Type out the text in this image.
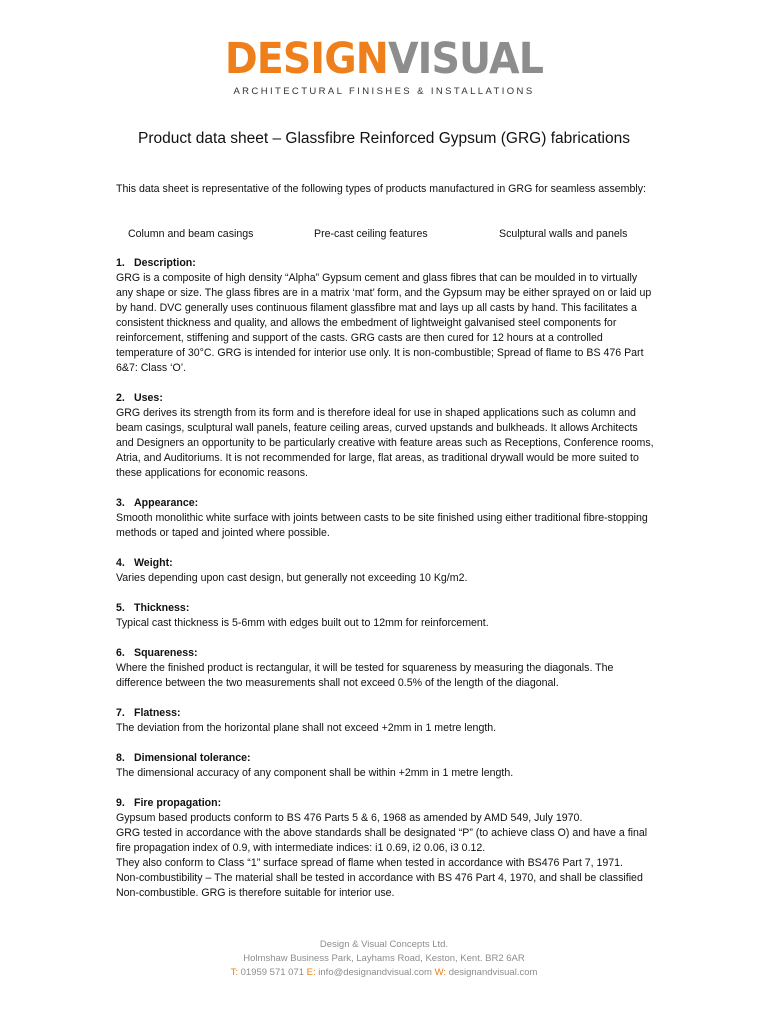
DESIGNVISUAL
ARCHITECTURAL FINISHES & INSTALLATIONS
Product data sheet – Glassfibre Reinforced Gypsum (GRG) fabrications
This data sheet is representative of the following types of products manufactured in GRG for seamless assembly:
Column and beam casings	Pre-cast ceiling features	Sculptural walls and panels
1. Description:
GRG is a composite of high density “Alpha” Gypsum cement and glass fibres that can be moulded in to virtually any shape or size. The glass fibres are in a matrix ‘mat’ form, and the Gypsum may be either sprayed on or laid up by hand. DVC generally uses continuous filament glassfibre mat and lays up all casts by hand. This facilitates a consistent thickness and quality, and allows the embedment of lightweight galvanised steel components for reinforcement, stiffening and support of the casts. GRG casts are then cured for 12 hours at a controlled temperature of 30°C. GRG is intended for interior use only. It is non-combustible; Spread of flame to BS 476 Part 6&7: Class ‘O’.
2. Uses:
GRG derives its strength from its form and is therefore ideal for use in shaped applications such as column and beam casings, sculptural wall panels, feature ceiling areas, curved upstands and bulkheads. It allows Architects and Designers an opportunity to be particularly creative with feature areas such as Receptions, Conference rooms, Atria, and Auditoriums. It is not recommended for large, flat areas, as traditional drywall would be more suited to these applications for economic reasons.
3. Appearance:
Smooth monolithic white surface with joints between casts to be site finished using either traditional fibre-stopping methods or taped and jointed where possible.
4. Weight:
Varies depending upon cast design, but generally not exceeding 10 Kg/m2.
5. Thickness:
Typical cast thickness is 5-6mm with edges built out to 12mm for reinforcement.
6. Squareness:
Where the finished product is rectangular, it will be tested for squareness by measuring the diagonals. The difference between the two measurements shall not exceed 0.5% of the length of the diagonal.
7. Flatness:
The deviation from the horizontal plane shall not exceed +2mm in 1 metre length.
8. Dimensional tolerance:
The dimensional accuracy of any component shall be within +2mm in 1 metre length.
9. Fire propagation:
Gypsum based products conform to BS 476 Parts 5 & 6, 1968 as amended by AMD 549, July 1970.
GRG tested in accordance with the above standards shall be designated “P” (to achieve class O) and have a final fire propagation index of 0.9, with intermediate indices: i1 0.69, i2 0.06, i3 0.12.
They also conform to Class “1” surface spread of flame when tested in accordance with BS476 Part 7, 1971.
Non-combustibility – The material shall be tested in accordance with BS 476 Part 4, 1970, and shall be classified Non-combustible. GRG is therefore suitable for interior use.
Design & Visual Concepts Ltd.
Holmshaw Business Park, Layhams Road, Keston, Kent. BR2 6AR
T: 01959 571 071 E: info@designandvisual.com W: designandvisual.com
